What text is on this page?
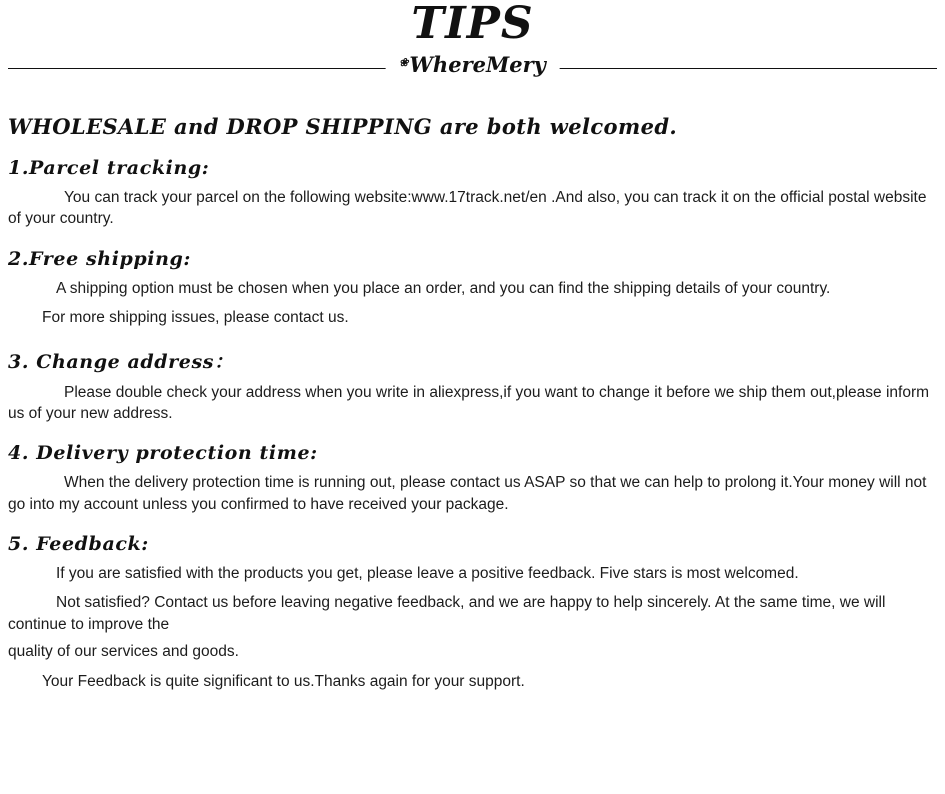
TIPS
❀WhereMery
WHOLESALE and DROP SHIPPING are both welcomed.
1.Parcel tracking:

You can track your parcel on the following website:www.17track.net/en .And also, you can track it on the official postal website of your country.

2.Free shipping:

A shipping option must be chosen when you place an order, and you can find the shipping details of your country.

For more shipping issues, please contact us.

3. Change address：

Please double check your address when you write in aliexpress,if you want to change it before we ship them out,please inform us of your new address.

4. Delivery protection time:

When the delivery protection time is running out, please contact us ASAP so that we can help to prolong it.Your money will not go into my account unless you confirmed to have received your package.

5. Feedback:

If you are satisfied with the products you get, please leave a positive feedback. Five stars is most welcomed.

Not satisfied? Contact us before leaving negative feedback, and we are happy to help sincerely. At the same time, we will continue to improve the

quality of our services and goods.

Your Feedback is quite significant to us.Thanks again for your support.
